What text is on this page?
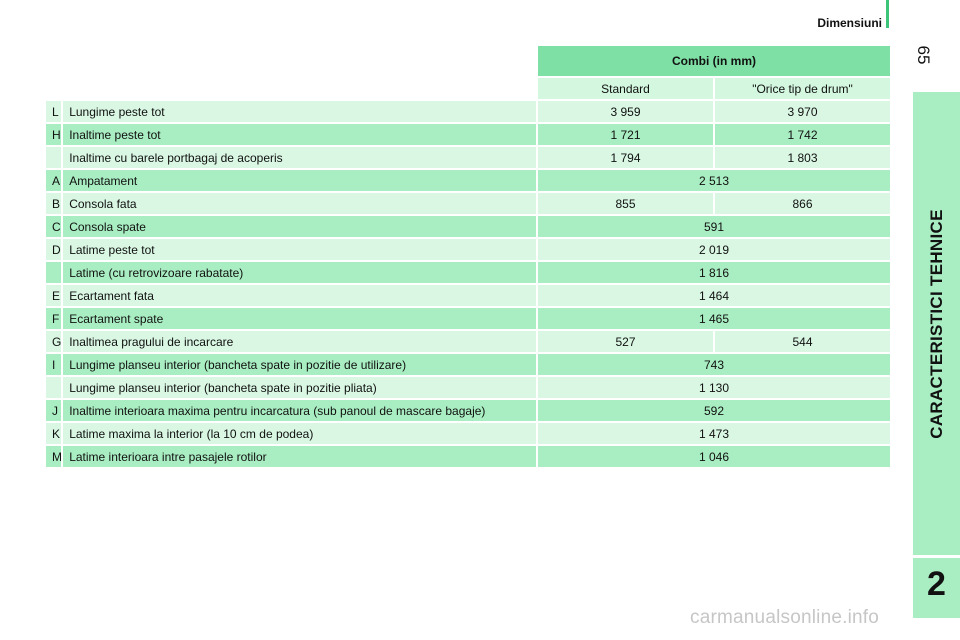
Dimensiuni
65
CARACTERISTICI TEHNICE
2
		Combi (in mm)	
		Standard	"Orice tip de drum"
L	Lungime peste tot	3 959	3 970
H	Inaltime peste tot	1 721	1 742
	Inaltime cu barele portbagaj de acoperis	1 794	1 803
A	Ampatament	2 513	
B	Consola fata	855	866
C	Consola spate	591	
D	Latime peste tot	2 019	
	Latime (cu retrovizoare rabatate)	1 816	
E	Ecartament fata	1 464	
F	Ecartament spate	1 465	
G	Inaltimea pragului de incarcare	527	544
I	Lungime planseu interior (bancheta spate in pozitie de utilizare)	743	
	Lungime planseu interior (bancheta spate in pozitie pliata)	1 130	
J	Inaltime interioara maxima pentru incarcatura (sub panoul de mascare bagaje)	592	
K	Latime maxima la interior (la 10 cm de podea)	1 473	
M	Latime interioara intre pasajele rotilor	1 046	
carmanualsonline.info
